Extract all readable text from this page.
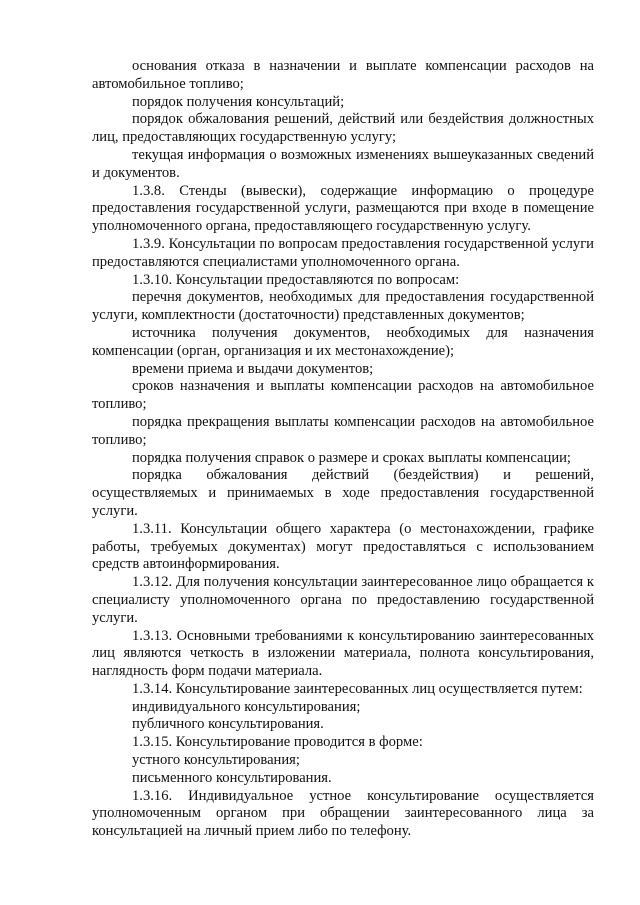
основания отказа в назначении и выплате компенсации расходов на автомобильное топливо;

порядок получения консультаций;

порядок обжалования решений, действий или бездействия должностных лиц, предоставляющих государственную услугу;

текущая информация о возможных изменениях вышеуказанных сведений и документов.

1.3.8. Стенды (вывески), содержащие информацию о процедуре предоставления государственной услуги, размещаются при входе в помещение уполномоченного органа, предоставляющего государственную услугу.

1.3.9. Консультации по вопросам предоставления государственной услуги предоставляются специалистами уполномоченного органа.

1.3.10. Консультации предоставляются по вопросам:

перечня документов, необходимых для предоставления государственной услуги, комплектности (достаточности) представленных документов;

источника получения документов, необходимых для назначения компенсации (орган, организация и их местонахождение);

времени приема и выдачи документов;

сроков назначения и выплаты компенсации расходов на автомобильное топливо;

порядка прекращения выплаты компенсации расходов на автомобильное топливо;

порядка получения справок о размере и сроках выплаты компенсации;

порядка обжалования действий (бездействия) и решений, осуществляемых и принимаемых в ходе предоставления государственной услуги.

1.3.11. Консультации общего характера (о местонахождении, графике работы, требуемых документах) могут предоставляться с использованием средств автоинформирования.

1.3.12. Для получения консультации заинтересованное лицо обращается к специалисту уполномоченного органа по предоставлению государственной услуги.

1.3.13. Основными требованиями к консультированию заинтересованных лиц являются четкость в изложении материала, полнота консультирования, наглядность форм подачи материала.

1.3.14. Консультирование заинтересованных лиц осуществляется путем:

индивидуального консультирования;

публичного консультирования.

1.3.15. Консультирование проводится в форме:

устного консультирования;

письменного консультирования.

1.3.16. Индивидуальное устное консультирование осуществляется уполномоченным органом при обращении заинтересованного лица за консультацией на личный прием либо по телефону.
